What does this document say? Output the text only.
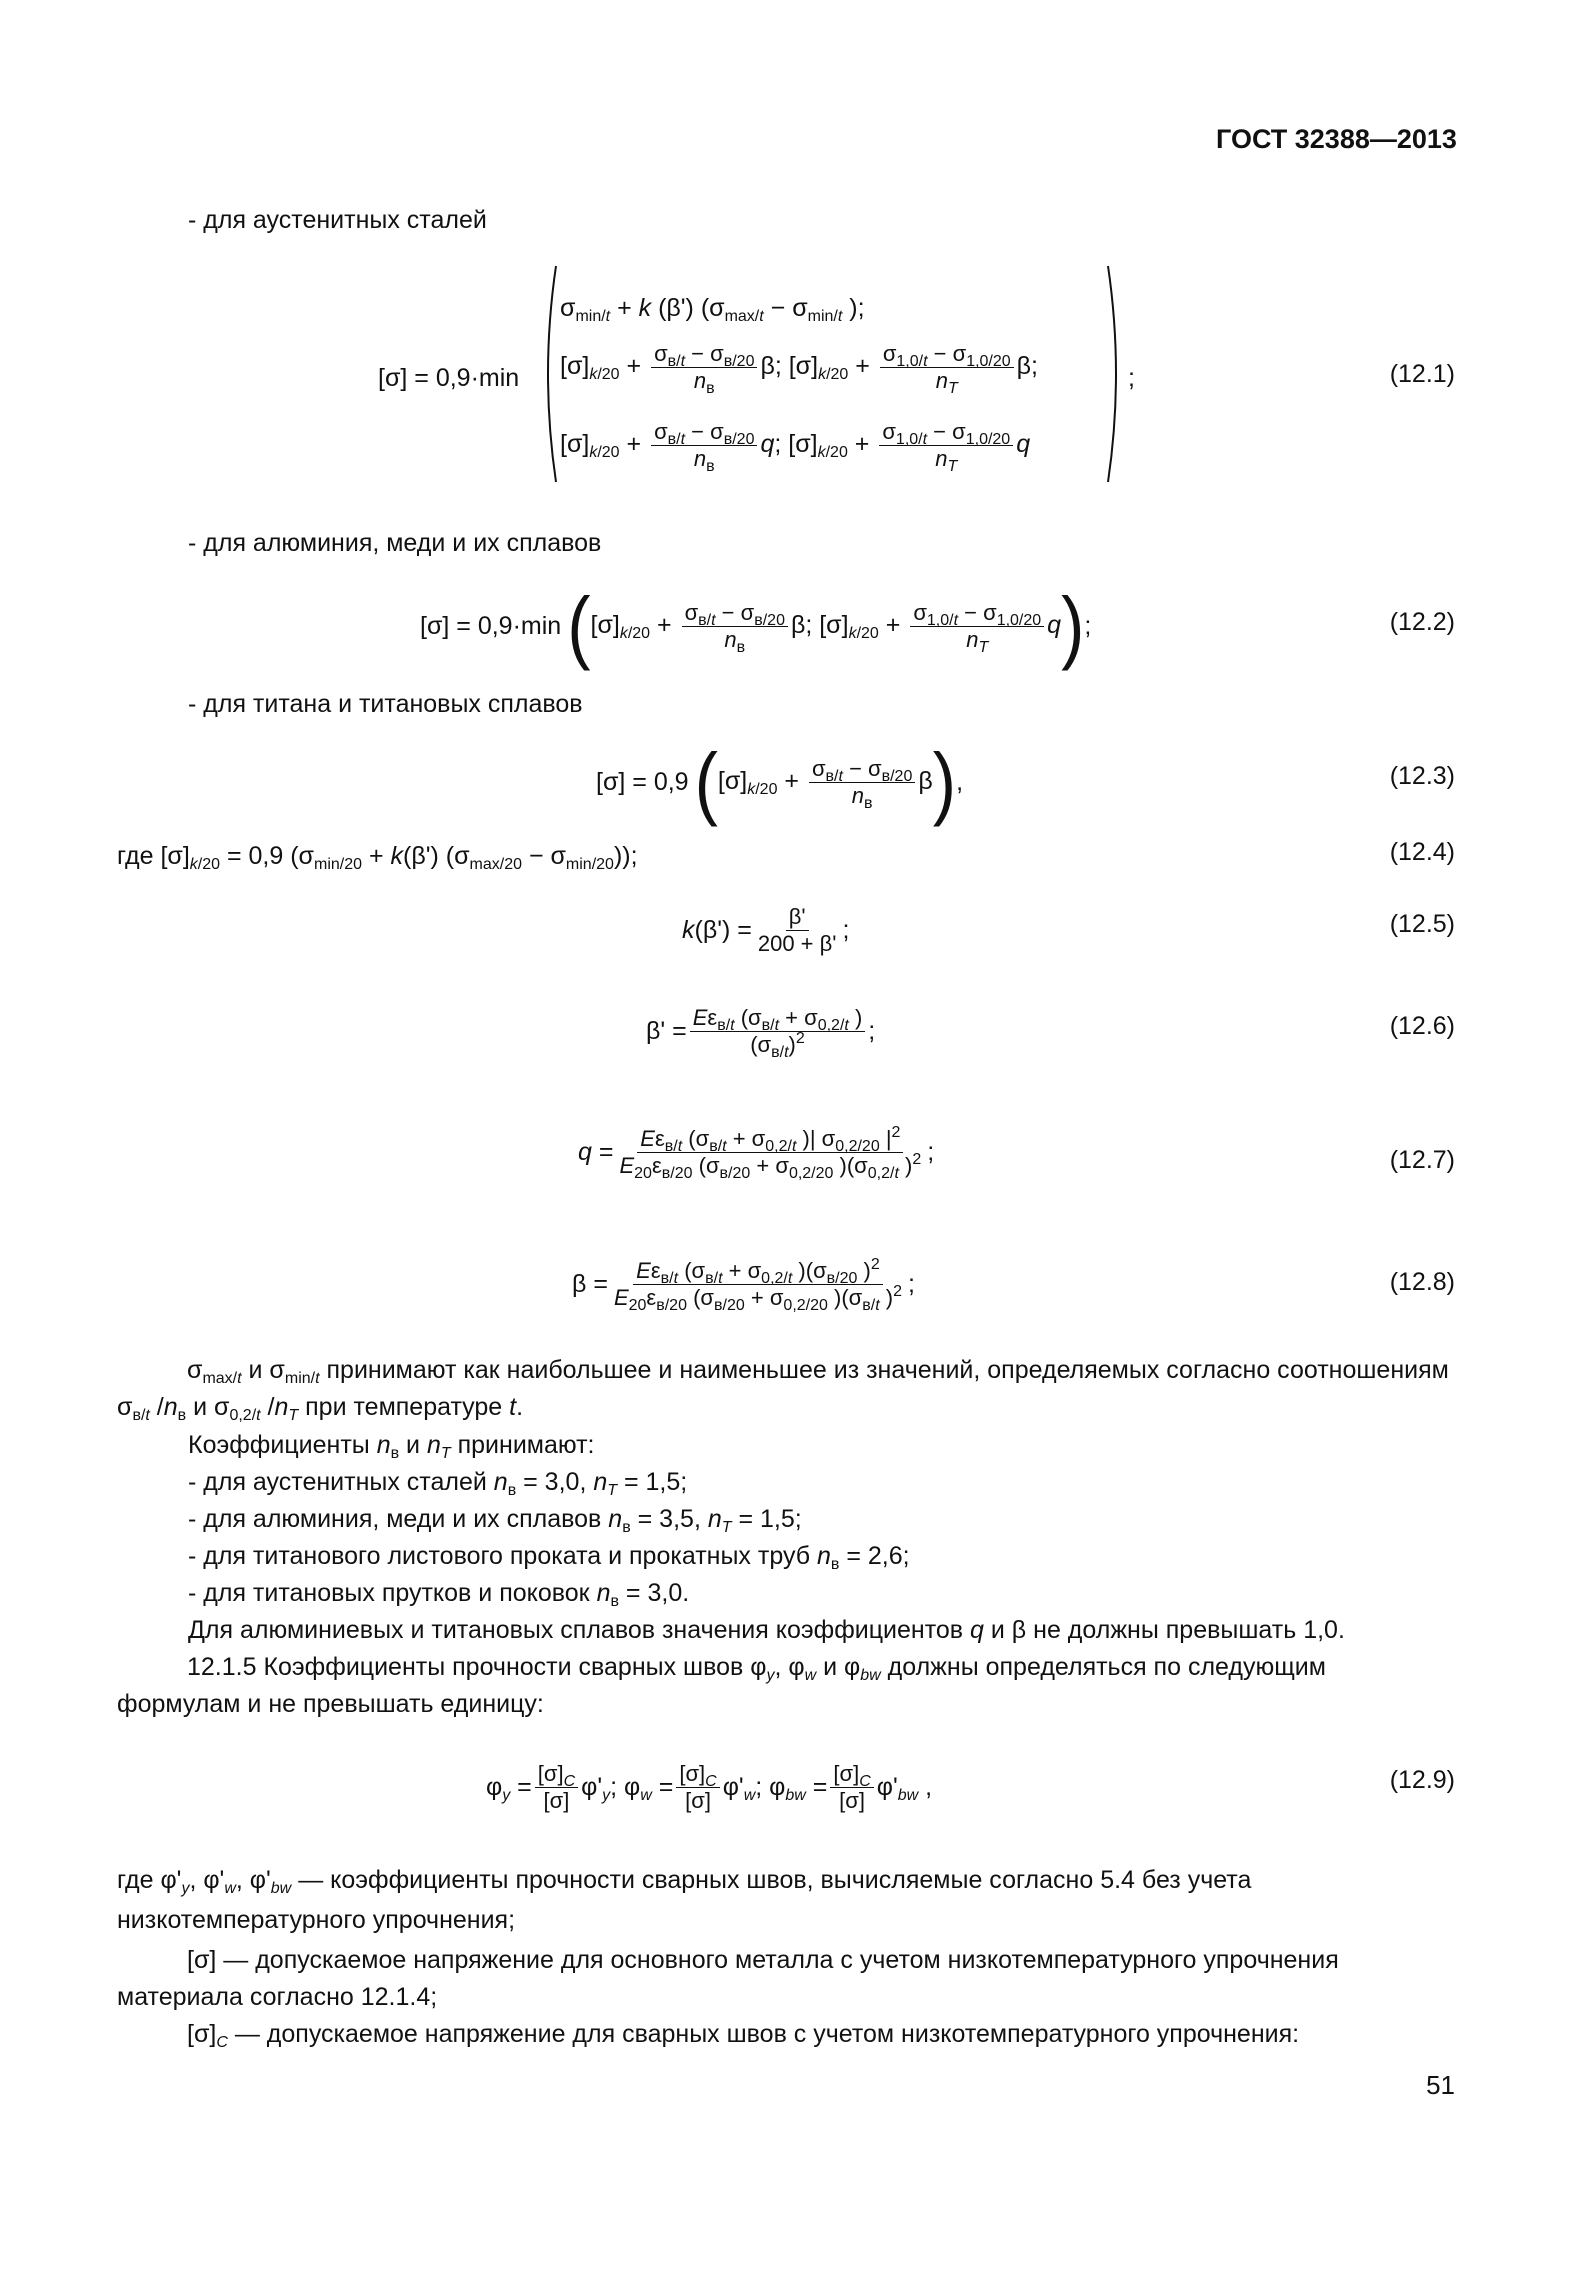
ГОСТ 32388—2013
- для аустенитных сталей
[σ] = 0,9·min
$\sigma_{min/t} + k$ (β') ($\sigma_{max/t} - \sigma_{min/t}$ );
$[\sigma]_{k/20} + \frac{\sigma_{в/t} - \sigma_{в/20}}{n_в} \beta$; $[\sigma]_{k/20} + \frac{\sigma_{1,0/t} - \sigma_{1,0/20}}{n_T} \beta$;
$[\sigma]_{k/20} + \frac{\sigma_{в/t} - \sigma_{в/20}}{n_в} q$; $[\sigma]_{k/20} + \frac{\sigma_{1,0/t} - \sigma_{1,0/20}}{n_T}$ q
;	(12.1)
- для алюминия, меди и их сплавов
[σ] = 0,9·min ( $[\sigma]_{k/20} + \frac{\sigma_{в/t} - \sigma_{в/20}}{n_в} \beta$; $[\sigma]_{k/20} + \frac{\sigma_{1,0/t} - \sigma_{1,0/20}}{n_T}$ q ) ;	(12.2)
- для титана и титановых сплавов
[σ] = 0,9 ( $[\sigma]_{k/20} + \frac{\sigma_{в/t} - \sigma_{в/20}}{n_в}$ β ) ,	(12.3)
где $[\sigma]_{k/20} = 0,9$ $(\sigma_{min/20} + k(\beta') (\sigma_{max/20} - \sigma_{min/20}))$;	(12.4)
$k(\beta') = \frac{\beta'}{200 + \beta'}$ ;	(12.5)
$\beta' = \frac{E\varepsilon_{в/t} (\sigma_{в/t} + \sigma_{0,2/t} )}{(\sigma_{в/t})^2}$ ;	(12.6)
$q = \frac{E\varepsilon_{в/t} (\sigma_{в/t} + \sigma_{0,2/t} )| \sigma_{0,2/20} |^2}{E_{20}\varepsilon_{в/20} (\sigma_{в/20} + \sigma_{0,2/20} )(\sigma_{0,2/t} )^2}$ ;	(12.7)
$\beta = \frac{E\varepsilon_{в/t} (\sigma_{в/t} + \sigma_{0,2/t} )(\sigma_{в/20} )^2}{E_{20}\varepsilon_{в/20} (\sigma_{в/20} + \sigma_{0,2/20} )(\sigma_{в/t} )^2}$ ;	(12.8)
$\sigma_{max/t}$ и $\sigma_{min/t}$ принимают как наибольшее и наименьшее из значений, определяемых согласно соотношениям $\sigma_{в/t}$ $/n_в$ и $\sigma_{0,2/t}$ $/n_T$ при температуре t.
Коэффициенты $n_в$ и $n_T$ принимают:
- для аустенитных сталей $n_в = 3,0$, $n_T = 1,5$;
- для алюминия, меди и их сплавов $n_в = 3,5$, $n_T = 1,5$;
- для титанового листового проката и прокатных труб $n_в = 2,6$;
- для титановых прутков и поковок $n_в = 3,0$.
Для алюминиевых и титановых сплавов значения коэффициентов q и β не должны превышать 1,0.
12.1.5 Коэффициенты прочности сварных швов $\varphi_y$, $\varphi_w$ и $\varphi_{bw}$ должны определяться по следующим формулам и не превышать единицу:
$\varphi_y = \frac{[\sigma]_C}{[\sigma]} \varphi'_y$; $\varphi_w = \frac{[\sigma]_C}{[\sigma]} \varphi'_w$; $\varphi_{bw} = \frac{[\sigma]_C}{[\sigma]} \varphi'_{bw}$ ,	(12.9)
где $\varphi'_y$, $\varphi'_w$, $\varphi'_{bw}$ — коэффициенты прочности сварных швов, вычисляемые согласно 5.4 без учета низкотемпературного упрочнения;
[σ] — допускаемое напряжение для основного металла с учетом низкотемпературного упрочнения материала согласно 12.1.4;
$[\sigma]_C$ — допускаемое напряжение для сварных швов с учетом низкотемпературного упрочнения:
51
